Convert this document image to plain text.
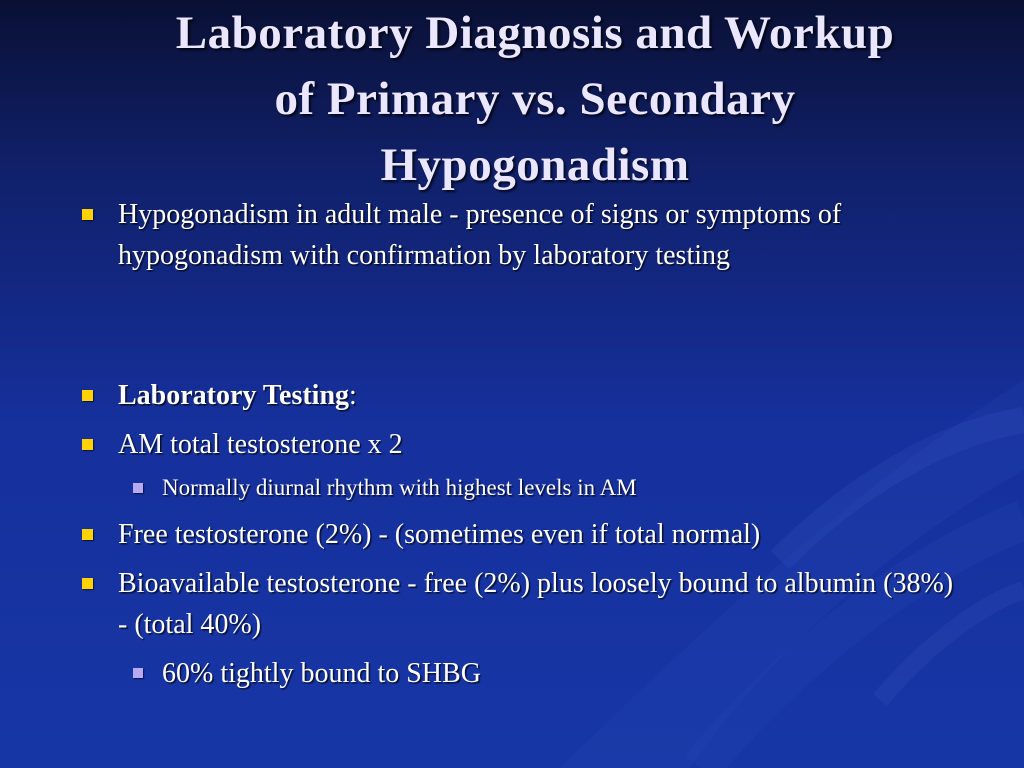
Laboratory Diagnosis and Workup
of Primary vs. Secondary
Hypogonadism
Hypogonadism in adult male - presence of signs or symptoms of hypogonadism with confirmation by laboratory testing
Laboratory Testing:
AM total testosterone x 2
Normally diurnal rhythm with highest levels in AM
Free testosterone (2%) - (sometimes even if total normal)
Bioavailable testosterone - free (2%) plus loosely bound to albumin (38%) - (total 40%)
60% tightly bound to SHBG
